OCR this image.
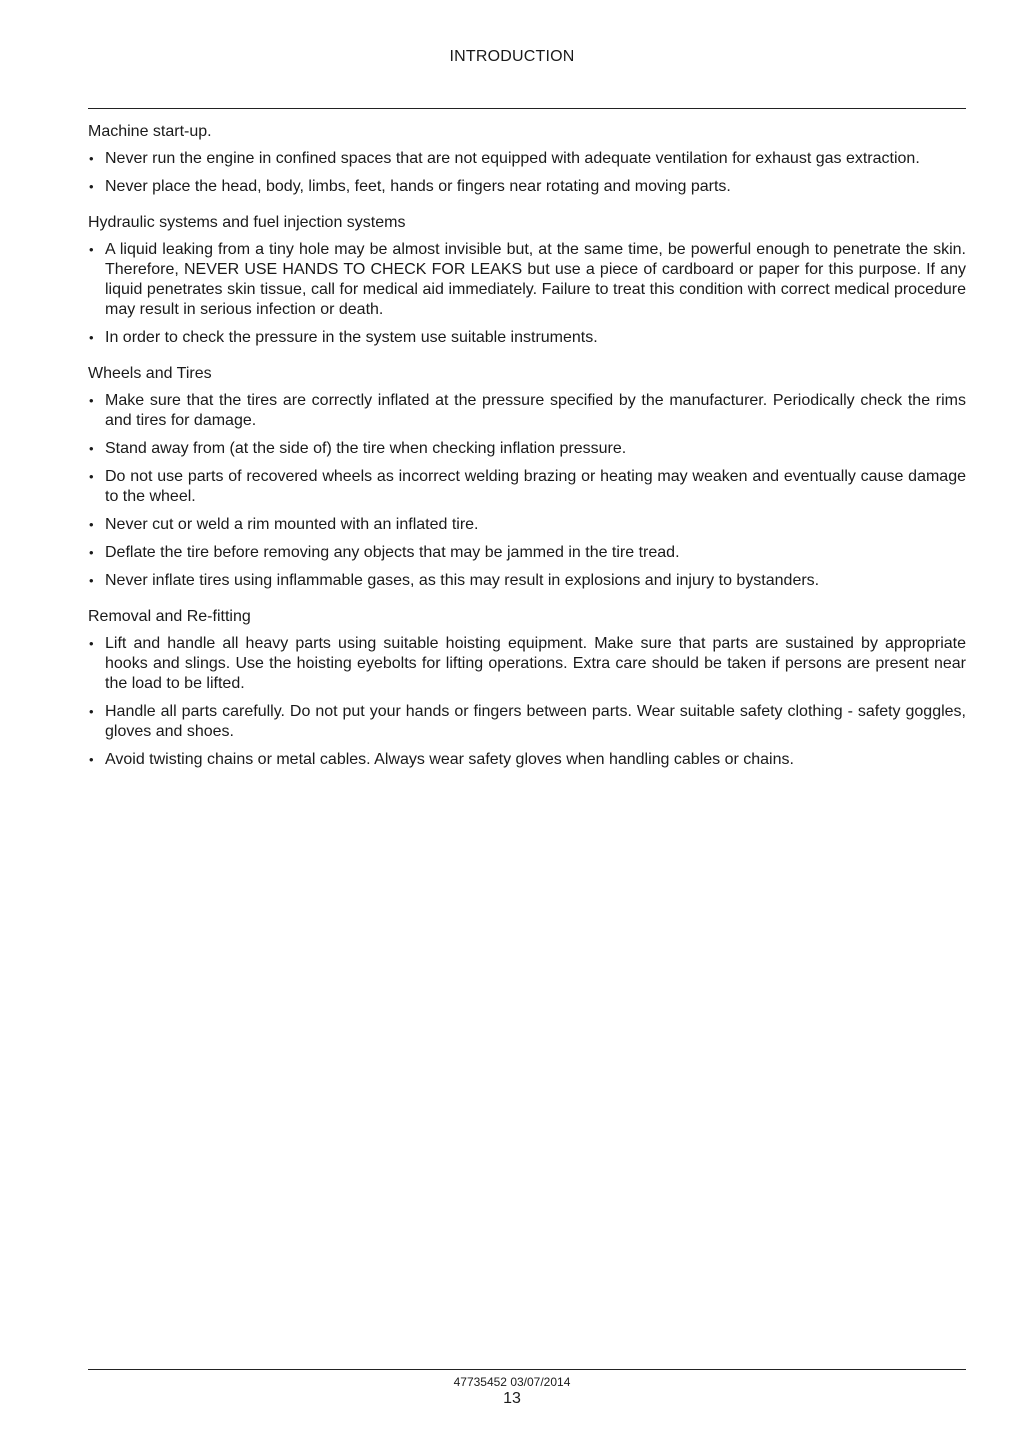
INTRODUCTION
Machine start-up.
• Never run the engine in confined spaces that are not equipped with adequate ventilation for exhaust gas extraction.
• Never place the head, body, limbs, feet, hands or fingers near rotating and moving parts.
Hydraulic systems and fuel injection systems
• A liquid leaking from a tiny hole may be almost invisible but, at the same time, be powerful enough to penetrate the skin. Therefore, NEVER USE HANDS TO CHECK FOR LEAKS but use a piece of cardboard or paper for this purpose. If any liquid penetrates skin tissue, call for medical aid immediately. Failure to treat this condition with correct medical procedure may result in serious infection or death.
• In order to check the pressure in the system use suitable instruments.
Wheels and Tires
• Make sure that the tires are correctly inflated at the pressure specified by the manufacturer. Periodically check the rims and tires for damage.
• Stand away from (at the side of) the tire when checking inflation pressure.
• Do not use parts of recovered wheels as incorrect welding brazing or heating may weaken and eventually cause damage to the wheel.
• Never cut or weld a rim mounted with an inflated tire.
• Deflate the tire before removing any objects that may be jammed in the tire tread.
• Never inflate tires using inflammable gases, as this may result in explosions and injury to bystanders.
Removal and Re-fitting
• Lift and handle all heavy parts using suitable hoisting equipment. Make sure that parts are sustained by appropriate hooks and slings. Use the hoisting eyebolts for lifting operations. Extra care should be taken if persons are present near the load to be lifted.
• Handle all parts carefully. Do not put your hands or fingers between parts. Wear suitable safety clothing - safety goggles, gloves and shoes.
• Avoid twisting chains or metal cables. Always wear safety gloves when handling cables or chains.
47735452 03/07/2014
13
